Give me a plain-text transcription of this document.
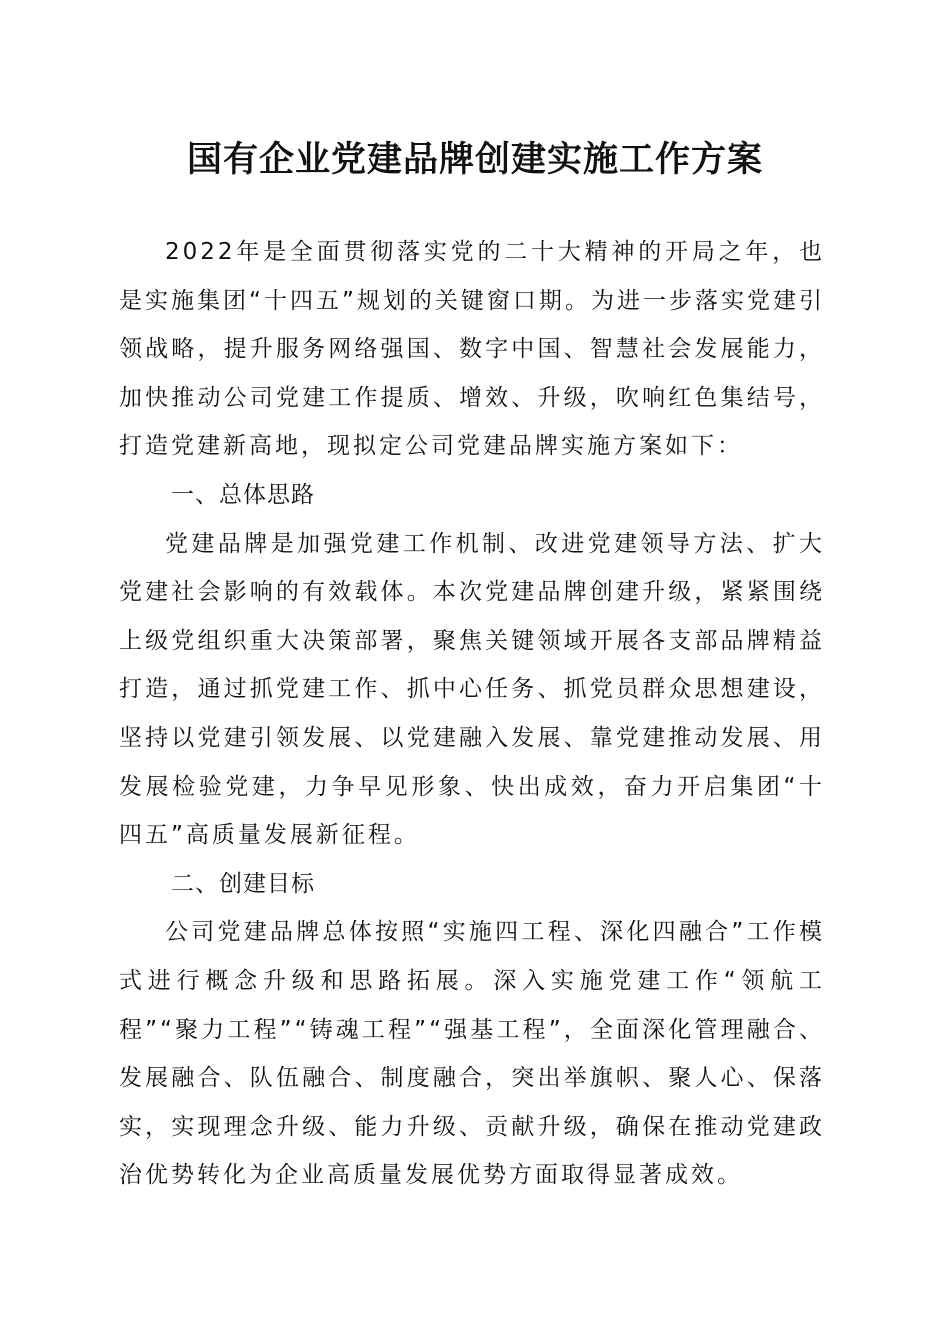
国有企业党建品牌创建实施工作方案

2022年是全面贯彻落实党的二十大精神的开局之年，也是实施集团“十四五”规划的关键窗口期。为进一步落实党建引领战略，提升服务网络强国、数字中国、智慧社会发展能力，加快推动公司党建工作提质、增效、升级，吹响红色集结号，打造党建新高地，现拟定公司党建品牌实施方案如下：

一、总体思路

党建品牌是加强党建工作机制、改进党建领导方法、扩大党建社会影响的有效载体。本次党建品牌创建升级，紧紧围绕上级党组织重大决策部署，聚焦关键领域开展各支部品牌精益打造，通过抓党建工作、抓中心任务、抓党员群众思想建设，坚持以党建引领发展、以党建融入发展、靠党建推动发展、用发展检验党建，力争早见形象、快出成效，奋力开启集团“十四五”高质量发展新征程。

二、创建目标

公司党建品牌总体按照“实施四工程、深化四融合”工作模式进行概念升级和思路拓展。深入实施党建工作“领航工程”“聚力工程”“铸魂工程”“强基工程”，全面深化管理融合、发展融合、队伍融合、制度融合，突出举旗帜、聚人心、保落实，实现理念升级、能力升级、贡献升级，确保在推动党建政治优势转化为企业高质量发展优势方面取得显著成效。
